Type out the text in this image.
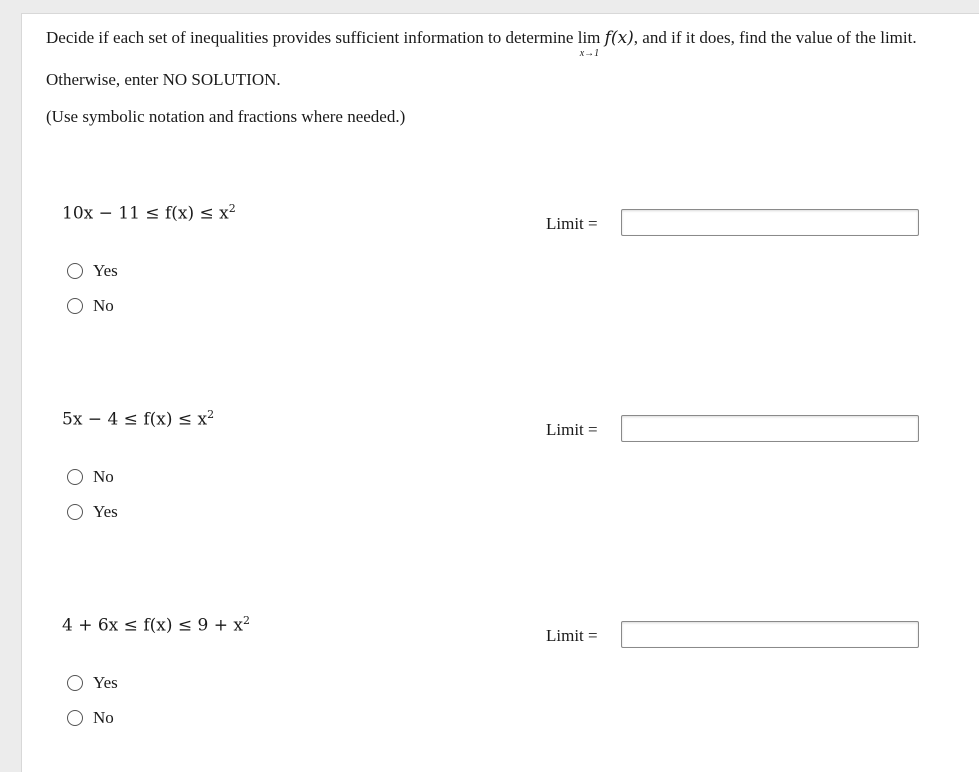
Decide if each set of inequalities provides sufficient information to determine lim
x→1
f(x), and if it does, find the value of the limit.
Otherwise, enter NO SOLUTION.
(Use symbolic notation and fractions where needed.)
$10x - 11 \le f(x) \le x^2$
Limit =
Yes
No
$5x - 4 \le f(x) \le x^2$
Limit =
No
Yes
$4 + 6x \le f(x) \le 9 + x^2$
Limit =
Yes
No
